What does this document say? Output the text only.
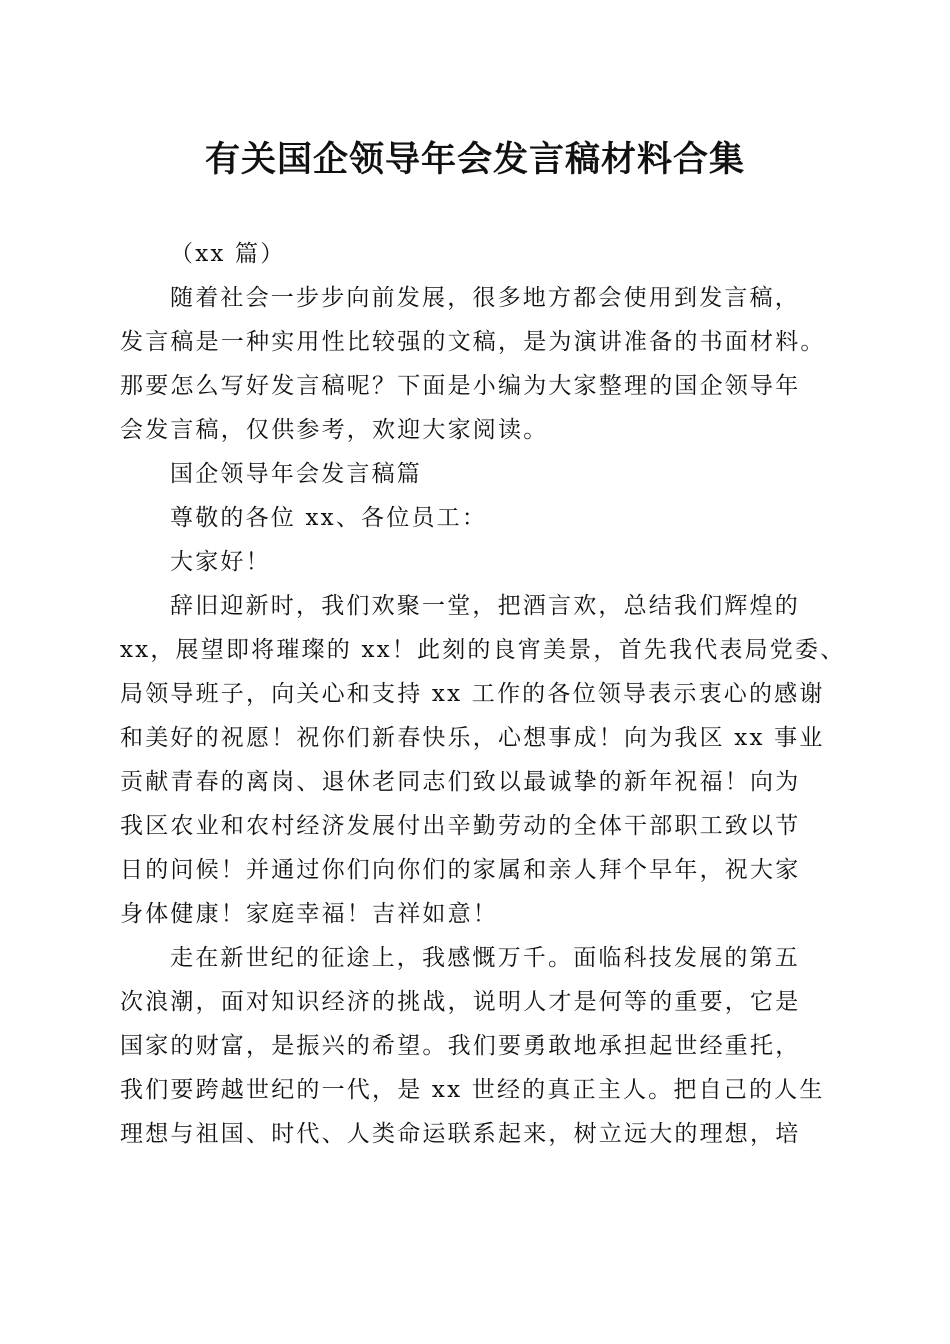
有关国企领导年会发言稿材料合集
（xx 篇）
随着社会一步步向前发展，很多地方都会使用到发言稿，
发言稿是一种实用性比较强的文稿，是为演讲准备的书面材料。
那要怎么写好发言稿呢？下面是小编为大家整理的国企领导年
会发言稿，仅供参考，欢迎大家阅读。
国企领导年会发言稿篇
尊敬的各位 xx、各位员工：
大家好！
辞旧迎新时，我们欢聚一堂，把酒言欢，总结我们辉煌的
xx，展望即将璀璨的 xx！此刻的良宵美景，首先我代表局党委、
局领导班子，向关心和支持 xx 工作的各位领导表示衷心的感谢
和美好的祝愿！祝你们新春快乐，心想事成！向为我区 xx 事业
贡献青春的离岗、退休老同志们致以最诚挚的新年祝福！向为
我区农业和农村经济发展付出辛勤劳动的全体干部职工致以节
日的问候！并通过你们向你们的家属和亲人拜个早年，祝大家
身体健康！家庭幸福！吉祥如意！
走在新世纪的征途上，我感慨万千。面临科技发展的第五
次浪潮，面对知识经济的挑战，说明人才是何等的重要，它是
国家的财富，是振兴的希望。我们要勇敢地承担起世经重托，
我们要跨越世纪的一代，是 xx 世经的真正主人。把自己的人生
理想与祖国、时代、人类命运联系起来，树立远大的理想，培
